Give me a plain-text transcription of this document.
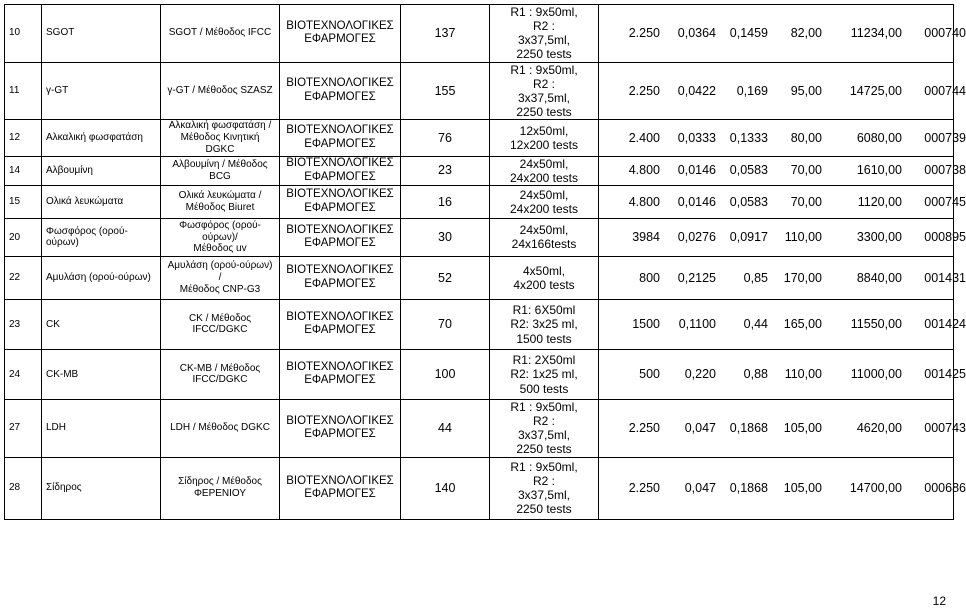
10	SGOT	SGOT / Μέθοδος IFCC	ΒΙΟΤΕΧΝΟΛΟΓΙΚΕΣ
ΕΦΑΡΜΟΓΕΣ	137	R1 : 9x50ml,
R2 :
3x37,5ml,
2250 tests	2.250 0,0364 0,1459 82,00 11234,00 000740
11	γ-GT	γ-GT / Μέθοδος SZASZ	ΒΙΟΤΕΧΝΟΛΟΓΙΚΕΣ
ΕΦΑΡΜΟΓΕΣ	155	R1 : 9x50ml,
R2 :
3x37,5ml,
2250 tests	2.250 0,0422 0,169 95,00 14725,00 000744
12	Αλκαλική φωσφατάση	Αλκαλική φωσφατάση /
Μέθοδος Κινητική DGKC	ΒΙΟΤΕΧΝΟΛΟΓΙΚΕΣ
ΕΦΑΡΜΟΓΕΣ	76	12x50ml,
12x200 tests	2.400 0,0333 0,1333 80,00 6080,00 000739
14	Αλβουμίνη	Αλβουμίνη / Μέθοδος BCG	ΒΙΟΤΕΧΝΟΛΟΓΙΚΕΣ
ΕΦΑΡΜΟΓΕΣ	23	24x50ml,
24x200 tests	4.800 0,0146 0,0583 70,00 1610,00 000738
15	Ολικά λευκώματα	Ολικά λευκώματα /
Μέθοδος Biuret	ΒΙΟΤΕΧΝΟΛΟΓΙΚΕΣ
ΕΦΑΡΜΟΓΕΣ	16	24x50ml,
24x200 tests	4.800 0,0146 0,0583 70,00 1120,00 000745
20	Φωσφόρος (ορού-ούρων)	Φωσφόρος (ορού-ούρων)/
Μέθοδος uv	ΒΙΟΤΕΧΝΟΛΟΓΙΚΕΣ
ΕΦΑΡΜΟΓΕΣ	30	24x50ml,
24x166tests	3984 0,0276 0,0917 110,00 3300,00 000895
22	Αμυλάση (ορού-ούρων)	Αμυλάση (ορού-ούρων) /
Μέθοδος CNP-G3	ΒΙΟΤΕΧΝΟΛΟΓΙΚΕΣ
ΕΦΑΡΜΟΓΕΣ	52	4x50ml,
4x200 tests	800 0,2125 0,85 170,00 8840,00 001431
23	CK	CK / Μέθοδος IFCC/DGKC	ΒΙΟΤΕΧΝΟΛΟΓΙΚΕΣ
ΕΦΑΡΜΟΓΕΣ	70	R1: 6X50ml
R2: 3x25 ml,
1500 tests	1500 0,1100 0,44 165,00 11550,00 001424
24	CK-MB	CK-MB / Μέθοδος
IFCC/DGKC	ΒΙΟΤΕΧΝΟΛΟΓΙΚΕΣ
ΕΦΑΡΜΟΓΕΣ	100	R1: 2X50ml
R2: 1x25 ml,
500 tests	500 0,220 0,88 110,00 11000,00 001425
27	LDH	LDH / Μέθοδος DGKC	ΒΙΟΤΕΧΝΟΛΟΓΙΚΕΣ
ΕΦΑΡΜΟΓΕΣ	44	R1 : 9x50ml,
R2 :
3x37,5ml,
2250 tests	2.250 0,047 0,1868 105,00 4620,00 000743
28	Σίδηρος	Σίδηρος / Μέθοδος
ΦΕΡΕΝΙΟΥ	ΒΙΟΤΕΧΝΟΛΟΓΙΚΕΣ
ΕΦΑΡΜΟΓΕΣ	140	R1 : 9x50ml,
R2 :
3x37,5ml,
2250 tests	2.250 0,047 0,1868 105,00 14700,00 000686
12
